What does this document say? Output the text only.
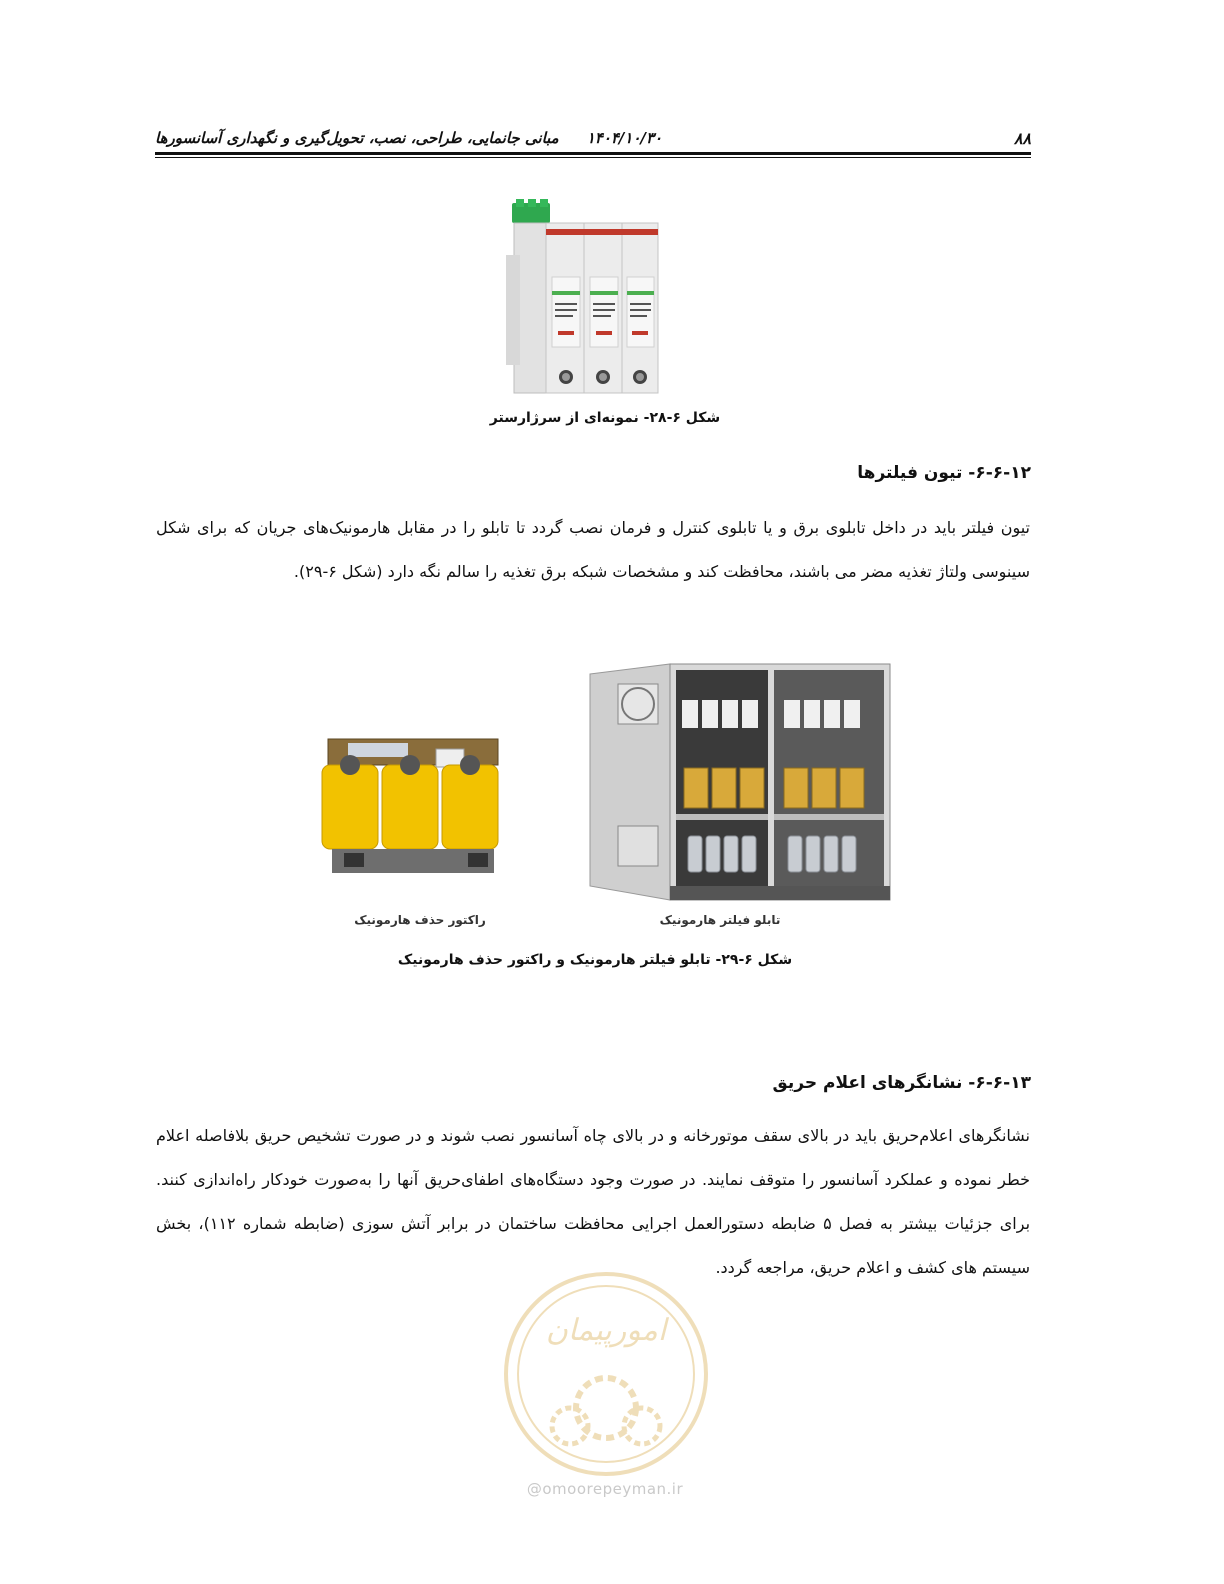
۸۸
۱۴۰۴/۱۰/۳۰
مبانی جانمایی، طراحی، نصب، تحویل‌گیری و نگهداری آسانسورها
شکل ۶-۲۸- نمونه‌ای از سرژارستر
۶-۶-۱۲- تیون فیلترها
تیون فیلتر باید در داخل تابلوی برق و یا تابلوی کنترل و فرمان نصب گردد تا تابلو را در مقابل هارمونیک‌های جریان که برای شکل سینوسی ولتاژ تغذیه مضر می باشند، محافظت کند و مشخصات شبکه برق تغذیه را سالم نگه دارد (شکل ۶-۲۹).
تابلو فیلتر هارمونیک
راکتور حذف هارمونیک
شکل ۶-۲۹- تابلو فیلتر هارمونیک و راکتور حذف هارمونیک
۶-۶-۱۳- نشانگرهای اعلام حریق
نشانگرهای اعلام‌حریق باید در بالای سقف موتورخانه و در بالای چاه آسانسور نصب شوند و در صورت تشخیص حریق بلافاصله اعلام خطر نموده و عملکرد آسانسور را متوقف نمایند. در صورت وجود دستگاه‌های اطفای‌حریق آنها را به‌صورت خودکار راه‌اندازی کنند. برای جزئیات بیشتر به فصل ۵ ضابطه دستورالعمل اجرایی محافظت ساختمان در برابر آتش سوزی (ضابطه شماره ۱۱۲)، بخش سیستم های کشف و اعلام حریق، مراجعه گردد.
امورپیمان
@omoorepeyman.ir
